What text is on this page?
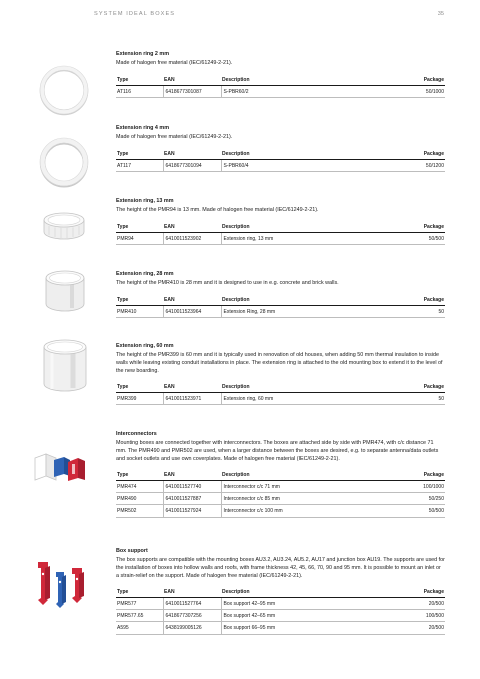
SYSTEM IDEAL BOXES	35
Extension ring 2 mm
Made of halogen free material (IEC/61249-2-21).
Type	EAN	Description	Package
AT116	6418677301087	S-PBR60/2	50/1000
Extension ring 4 mm
Made of halogen free material (IEC/61249-2-21).
Type	EAN	Description	Package
AT117	6418677301094	S-PBR60/4	50/1200
Extension ring, 13 mm
The height of the PMR94 is 13 mm. Made of halogen free material (IEC/61249-2-21).
Type	EAN	Description	Package
PMR94	6410011523902	Extension ring, 13 mm	50/500
Extension ring, 28 mm
The height of the PMR410 is 28 mm and it is designed to use in e.g. concrete and brick walls.
Type	EAN	Description	Package
PMR410	6410011523964	Extension Ring, 28 mm	50
Extension ring, 60 mm
The height of the PMR399 is 60 mm and it is typically used in renovation of old houses, when adding 50 mm thermal insulation to inside walls while leaving existing conduit installations in place. The extension ring is attached to the old mounting box to extend it to the level of the new boarding.
Type	EAN	Description	Package
PMR399	6410011523971	Extension ring, 60 mm	50
Interconnectors
Mounting boxes are connected together with interconnectors. The boxes are attached side by side with PMR474, with c/c distance 71 mm. The PMR490 and PMR502 are used, when a larger distance between the boxes are desired, e.g. to separate antenna/data outlets and socket outlets and use own coverplates. Made of halogen free material (IEC/61249-2-21).
Type	EAN	Description	Package
PMR474	6410011527740	Interconnector c/c 71 mm	100/1000
PMR490	6410011527887	Interconnector c/c 85 mm	50/250
PMR502	6410011527924	Interconnector c/c 100 mm	50/500
Box support
The box supports are compatible with the mounting boxes AU3.2, AU3.24, AU5.2, AU17 and junction box AU19. The supports are used for the installation of boxes into hollow walls and roofs, with frame thickness 42, 45, 66, 70, 90 and 95 mm. It is possible to mount an inlet or a strain-relief on the support. Made of halogen free material (IEC/61249-2-21).
Type	EAN	Description	Package
PMR577	6410011527764	Box support 42–95 mm	20/500
PMR577.65	6418677307256	Box support 42–65 mm	100/500
A595	6438199005126	Box support 66–95 mm	20/500
